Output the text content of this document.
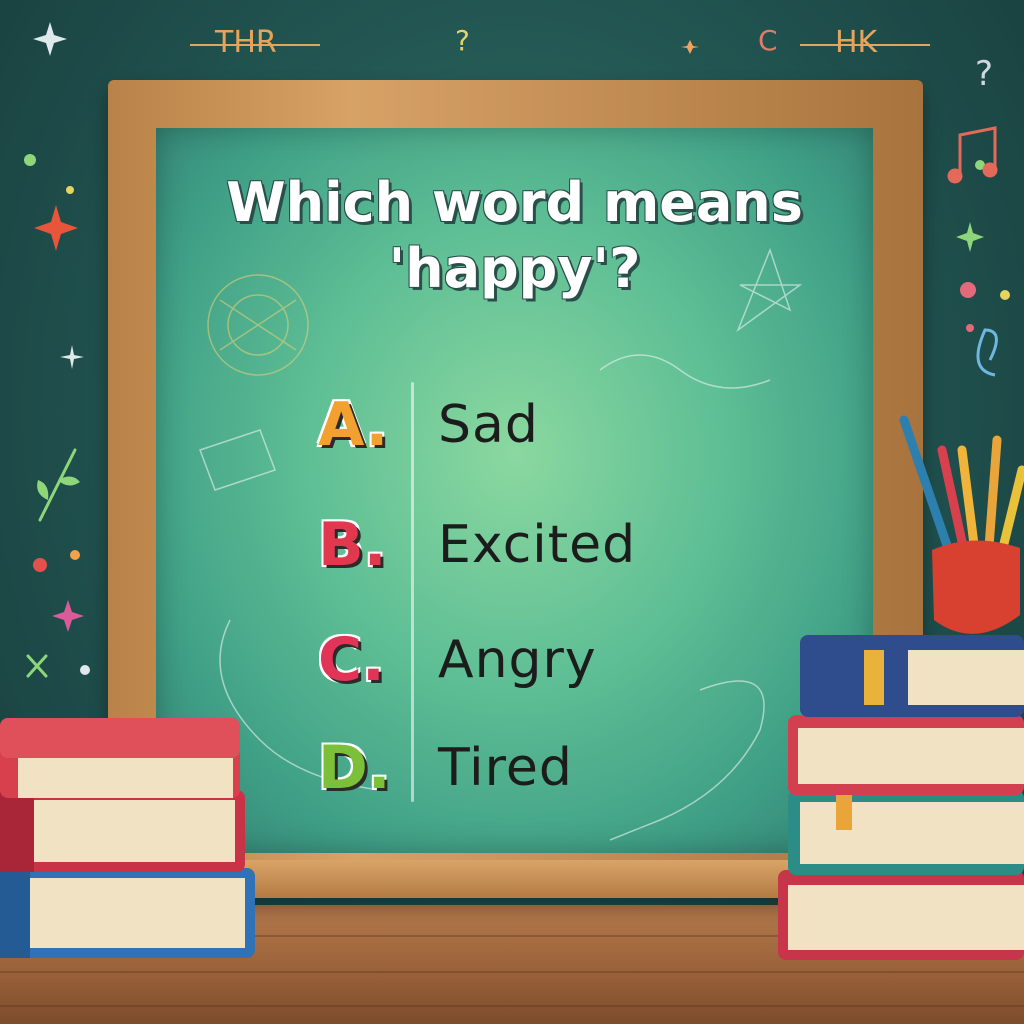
THR	HK
?
?
C
Which word means 'happy'?
A. Sad
B. Excited
C.	Angry
D. Tired
